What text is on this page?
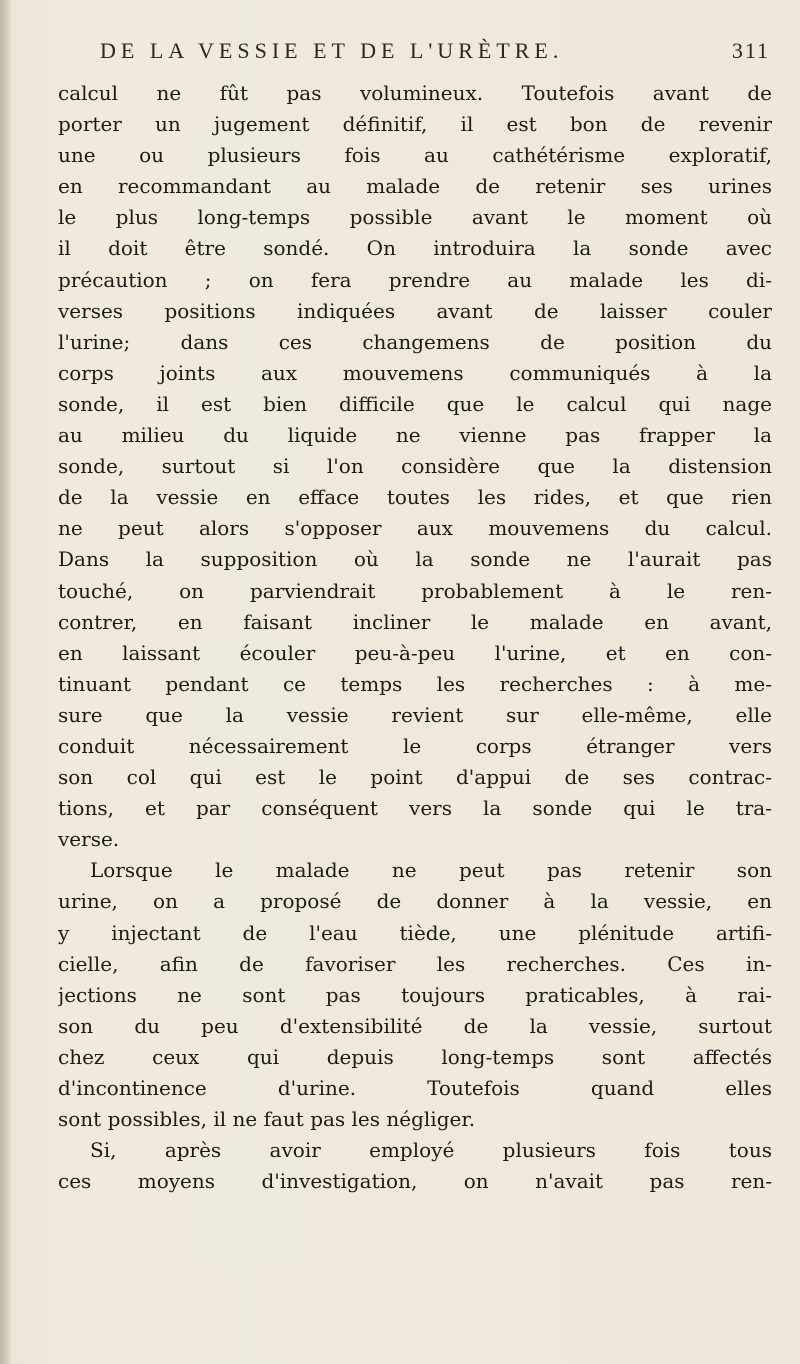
DE LA VESSIE ET DE L'URÈTRE.	311
calcul ne fût pas volumineux. Toutefois avant de
porter un jugement définitif, il est bon de revenir
une ou plusieurs fois au cathétérisme exploratif,
en recommandant au malade de retenir ses urines
le plus long-temps possible avant le moment où
il doit être sondé. On introduira la sonde avec
précaution ; on fera prendre au malade les di-
verses positions indiquées avant de laisser couler
l'urine; dans ces changemens de position du
corps joints aux mouvemens communiqués à la
sonde, il est bien difficile que le calcul qui nage
au milieu du liquide ne vienne pas frapper la
sonde, surtout si l'on considère que la distension
de la vessie en efface toutes les rides, et que rien
ne peut alors s'opposer aux mouvemens du calcul.
Dans la supposition où la sonde ne l'aurait pas
touché, on parviendrait probablement à le ren-
contrer, en faisant incliner le malade en avant,
en laissant écouler peu-à-peu l'urine, et en con-
tinuant pendant ce temps les recherches : à me-
sure que la vessie revient sur elle-même, elle
conduit nécessairement le corps étranger vers
son col qui est le point d'appui de ses contrac-
tions, et par conséquent vers la sonde qui le tra-
verse.
Lorsque le malade ne peut pas retenir son
urine, on a proposé de donner à la vessie, en
y injectant de l'eau tiède, une plénitude artifi-
cielle, afin de favoriser les recherches. Ces in-
jections ne sont pas toujours praticables, à rai-
son du peu d'extensibilité de la vessie, surtout
chez ceux qui depuis long-temps sont affectés
d'incontinence d'urine. Toutefois quand elles
sont possibles, il ne faut pas les négliger.
Si, après avoir employé plusieurs fois tous
ces moyens d'investigation, on n'avait pas ren-
